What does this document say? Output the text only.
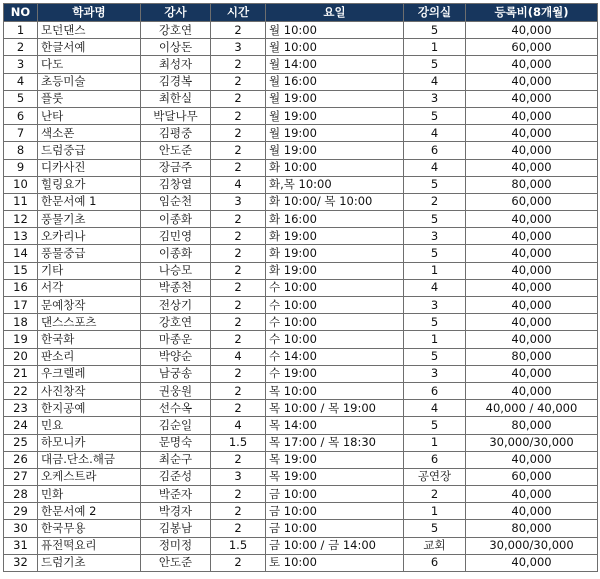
NO	학과명	강사	시간	요일	강의실	등록비(8개월)
1	모던댄스	강호연	2	월 10:00	5	40,000
2	한글서예	이상돈	3	월 10:00	1	60,000
3	다도	최성자	2	월 14:00	5	40,000
4	초등미술	김경복	2	월 16:00	4	40,000
5	플룻	최한실	2	월 19:00	3	40,000
6	난타	박달나무	2	월 19:00	5	40,000
7	색소폰	김평중	2	월 19:00	4	40,000
8	드럼중급	안도준	2	월 19:00	6	40,000
9	디카사진	장금주	2	화 10:00	4	40,000
10	힐링요가	김창열	4	화,목 10:00	5	80,000
11	한문서예 1	임순천	3	화 10:00/ 목 10:00	2	60,000
12	풍물기초	이종화	2	화 16:00	5	40,000
13	오카리나	김민영	2	화 19:00	3	40,000
14	풍물중급	이종화	2	화 19:00	5	40,000
15	기타	나승모	2	화 19:00	1	40,000
16	서각	박종천	2	수 10:00	4	40,000
17	문예창작	전상기	2	수 10:00	3	40,000
18	댄스스포츠	강호연	2	수 10:00	5	40,000
19	한국화	마종운	2	수 10:00	1	40,000
20	판소리	박양순	4	수 14:00	5	80,000
21	우크렐레	남궁송	2	수 19:00	3	40,000
22	사진창작	권웅원	2	목 10:00	6	40,000
23	한지공예	선수옥	2	목 10:00 / 목 19:00	4	40,000 / 40,000
24	민요	김순일	4	목 14:00	5	80,000
25	하모니카	문명숙	1.5	목 17:00 / 목 18:30	1	30,000/30,000
26	대금.단소.해금	최순구	2	목 19:00	6	40,000
27	오케스트라	김준성	3	목 19:00	공연장	60,000
28	민화	박준자	2	금 10:00	2	40,000
29	한문서예 2	박경자	2	금 10:00	1	40,000
30	한국무용	김봉남	2	금 10:00	5	80,000
31	퓨전떡요리	정미정	1.5	금 10:00 / 금 14:00	교회	30,000/30,000
32	드럼기초	안도준	2	토 10:00	6	40,000
